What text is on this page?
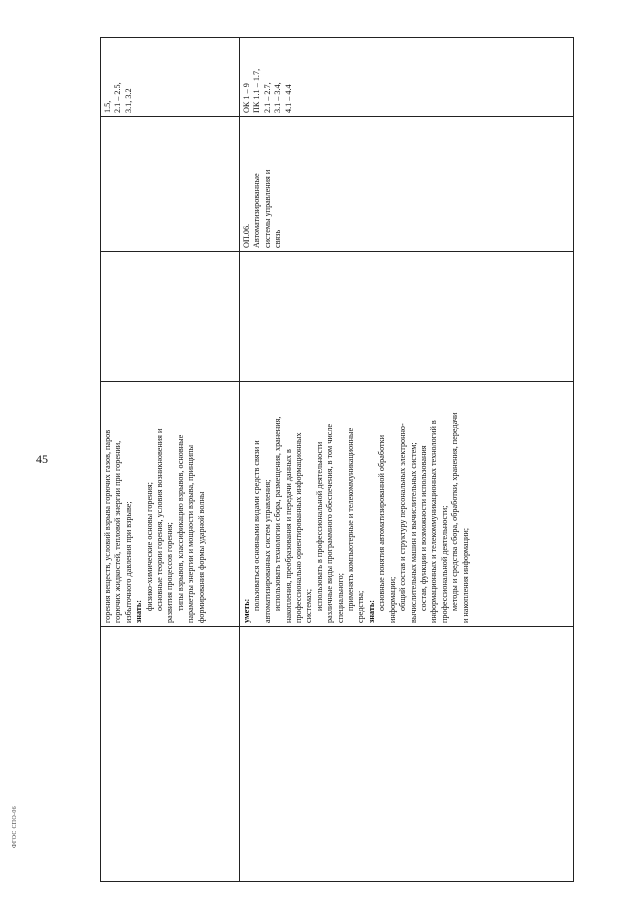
45
ФГОС СПО-06
горения веществ, условий взрыва горючих газов, паров горючих жидкостей, тепловой энергии при горении, избыточного давления при взрыве; знать:
физико-химические основы горения; основные теории горения, условия возникновения и развития процессов горения; типы взрывов, классификацию взрывов, основные параметры энергии и мощности взрыва, принципы формирования формы ударной волны
1.5, 2.1 – 2.5, 3.1, 3.2
уметь: пользоваться основными видами средств связи и автоматизированных систем управления; использовать технологии сбора, размещения, хранения, накопления, преобразования и передачи данных в профессионально ориентированных информационных системах; использовать в профессиональной деятельности различные виды программного обеспечения, в том числе специального; применять компьютерные и телекоммуникационные средства; знать:
основные понятия автоматизированной обработки информации; общий состав и структуру персональных электронно- вычислительных машин и вычислительных систем; состав, функции и возможности использования информационных и телекоммуникационных технологий в профессиональной деятельности; методы и средства сбора, обработки, хранения, передачи и накопления информации;
ОП.06. Автоматизированные системы управления и связь
ОК 1 – 9 ПК 1.1 – 1.7, 2.1 – 2.7, 3.1 – 3.4, 4.1 – 4.4
